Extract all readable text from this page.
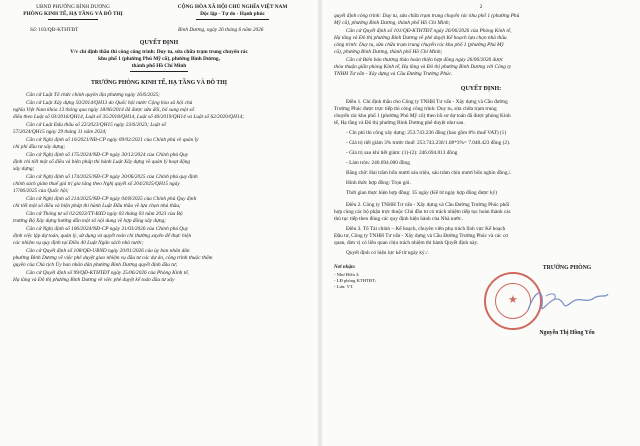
UBND PHƯỜNG BÌNH DƯƠNG
PHÒNG KINH TẾ, HẠ TẦNG VÀ ĐÔ THỊ
CỘNG HÒA XÃ HỘI CHỦ NGHĨA VIỆT NAM
Độc lập - Tự do - Hạnh phúc
Số: 103/QĐ-KTHTĐT	Bình Dương, ngày 26 tháng 6 năm 2026
QUYẾT ĐỊNH
V/v chỉ định thầu thi công công trình: Duy tu, sửa chữa trạm trung chuyển rác
khu phố 1 (phường Phú Mỹ cũ), phường Bình Dương,
thành phố Hồ Chí Minh
TRƯỞNG PHÒNG KINH TẾ, HẠ TẦNG VÀ ĐÔ THỊ
Căn cứ Luật Tổ chức chính quyền địa phương ngày 16/6/2025;
Căn cứ Luật Xây dựng 50/2014/QH13 do Quốc hội nước Cộng hòa xã hội chủ
nghĩa Việt Nam khóa 13 thông qua ngày 18/06/2014 đã được sửa đổi, bổ sung một số
điều theo Luật số 03/2016/QH14, Luật số 35/2018/QH14, Luật số 40/2019/QH14 và Luật số 62/2020/QH14;
Căn cứ Luật Đấu thầu số 22/2023/QH15 ngày 23/6/2023; Luật số
57/2024/QH15 ngày 29 tháng 11 năm 2024;
Căn cứ Nghị định số 10/2021/NĐ-CP ngày 09/02/2021 của Chính phủ về quản lý
chi phí đầu tư xây dựng;
Căn cứ Nghị định số 175/2024/NĐ-CP ngày 30/12/2024 của Chính phủ Quy
định chi tiết một số điều và biện pháp thi hành Luật Xây dựng về quản lý hoạt động
xây dựng;
Căn cứ Nghị định số 174/2025/NĐ-CP ngày 30/06/2025 của Chính phủ quy định
chính sách giảm thuế giá trị gia tăng theo Nghị quyết số 204/2025/QH15 ngày
17/06/2025 của Quốc hội;
Căn cứ Nghị định số 214/2025/NĐ-CP ngày 04/8/2025 của Chính phủ Quy định
chi tiết một số điều và biện pháp thi hành Luật Đấu thầu về lựa chọn nhà thầu;
Căn cứ Thông tư số 02/2023/TT-BXD ngày 03 tháng 03 năm 2023 của Bộ
trưởng Bộ Xây dựng hướng dẫn một số nội dung về hợp đồng xây dựng;
Căn cứ Nghị định số 106/2024/NĐ-CP ngày 31/03/2026 của Chính phủ Quy
định việc lập dự toán, quản lý, sử dụng và quyết toán chi thường xuyên để thực hiện
các nhiệm vụ quy định tại Điều 40 Luật Ngân sách nhà nước;
Căn cứ Quyết định số 108/QĐ-UBND ngày 20/01/2026 của ủy ban nhân dân
phường Bình Dương về việc phê duyệt giao nhiệm vụ đầu tư các dự án, công trình thuộc thẩm
quyền của Chủ tịch Ủy ban nhân dân phường Bình Dương quyết định đầu tư;
Căn cứ Quyết định số 99/QĐ-KTHTĐT ngày 25/06/2026 của Phòng Kinh tế,
Hạ tầng và Đô thị phường Bình Dương về việc phê duyệt kế toán đầu tư xây
2
quyết định công trình: Duy tu, sửa chữa trạm trung chuyển rác khu phố 1 (phường Phú
Mỹ cũ), phường Bình Dương, thành phố Hồ Chí Minh;
Căn cứ Quyết định số 101/QĐ-KTHTĐT ngày 26/06/2026 của Phòng Kinh tế,
Hạ tầng và Đô thị phường Bình Dương về phê duyệt Kế hoạch lựa chọn nhà thầu
công trình: Duy tu, sửa chữa trạm trung chuyển rác khu phố 1 (phường Phú Mỹ
cũ), phường Bình Dương, thành phố Hồ Chí Minh;
Căn cứ Biên bản thương thảo hoàn thiện hợp đồng ngày 26/06/2026 được
thỏa thuận giữa phòng Kinh tế, Hạ tầng và Đô thị phường Bình Dương với Công ty
TNHH Tư vấn - Xây dựng và Cầu Đường Trường Phúc.
QUYẾT ĐỊNH:
Điều 1. Chỉ định thầu cho Công ty TNHH Tư vấn - Xây dựng và Cầu đường
Trường Phúc được trực tiếp thi công công trình: Duy tu, sửa chữa trạm trung
chuyển rác khu phố 1 (phường Phú Mỹ cũ) theo hồ sơ dự toán đã được phòng Kinh
tế, Hạ tầng và Đô thị phường Bình Dương phê duyệt như sau.
- Chi phí thi công xây dựng: 253.743.236 đồng (bao gồm 8% thuế VAT) (1)
- Giá trị tiết giảm 3% trước thuế: 253.743.236/1.08*3%= 7.048.423 đồng (2).
- Giá trị sau khi tiết giảm: (1)-(2): 246.694.813 đồng
- Làm tròn: 246.694.000 đồng
Bằng chữ: Hai trăm bốn mươi sáu triệu, sáu trăm chín mươi bốn nghìn đồng./.
Hình thức hợp đồng: Trọn gói.
Thời gian thực hiện hợp đồng: 35 ngày (Kể từ ngày hợp đồng được ký)
Điều 2. Công ty TNHH Tư vấn - Xây dựng và Cầu Đường Trường Phúc phối
hợp cùng các bộ phận trực thuộc Chủ đầu tư có trách nhiệm tiếp tục hoàn thành các
thủ tục tiếp theo đúng các quy định hiện hành của Nhà nước.
Điều 3. Tổ Tài chính – Kế hoạch, chuyên viên phụ trách lĩnh vực Kế hoạch
Đầu tư, Công ty TNHH Tư vấn - Xây dựng và Cầu Đường Trường Phúc và các cơ
quan, đơn vị có liên quan chịu trách nhiệm thi hành Quyết định này.
Quyết định có hiệu lực kể từ ngày ký./.
Nơi nhận:
- Như Điều 3;
- LĐ phòng KTHTĐT;
- Lưu: VT.
TRƯỞNG PHÒNG
★
Nguyễn Thị Hồng Yến
